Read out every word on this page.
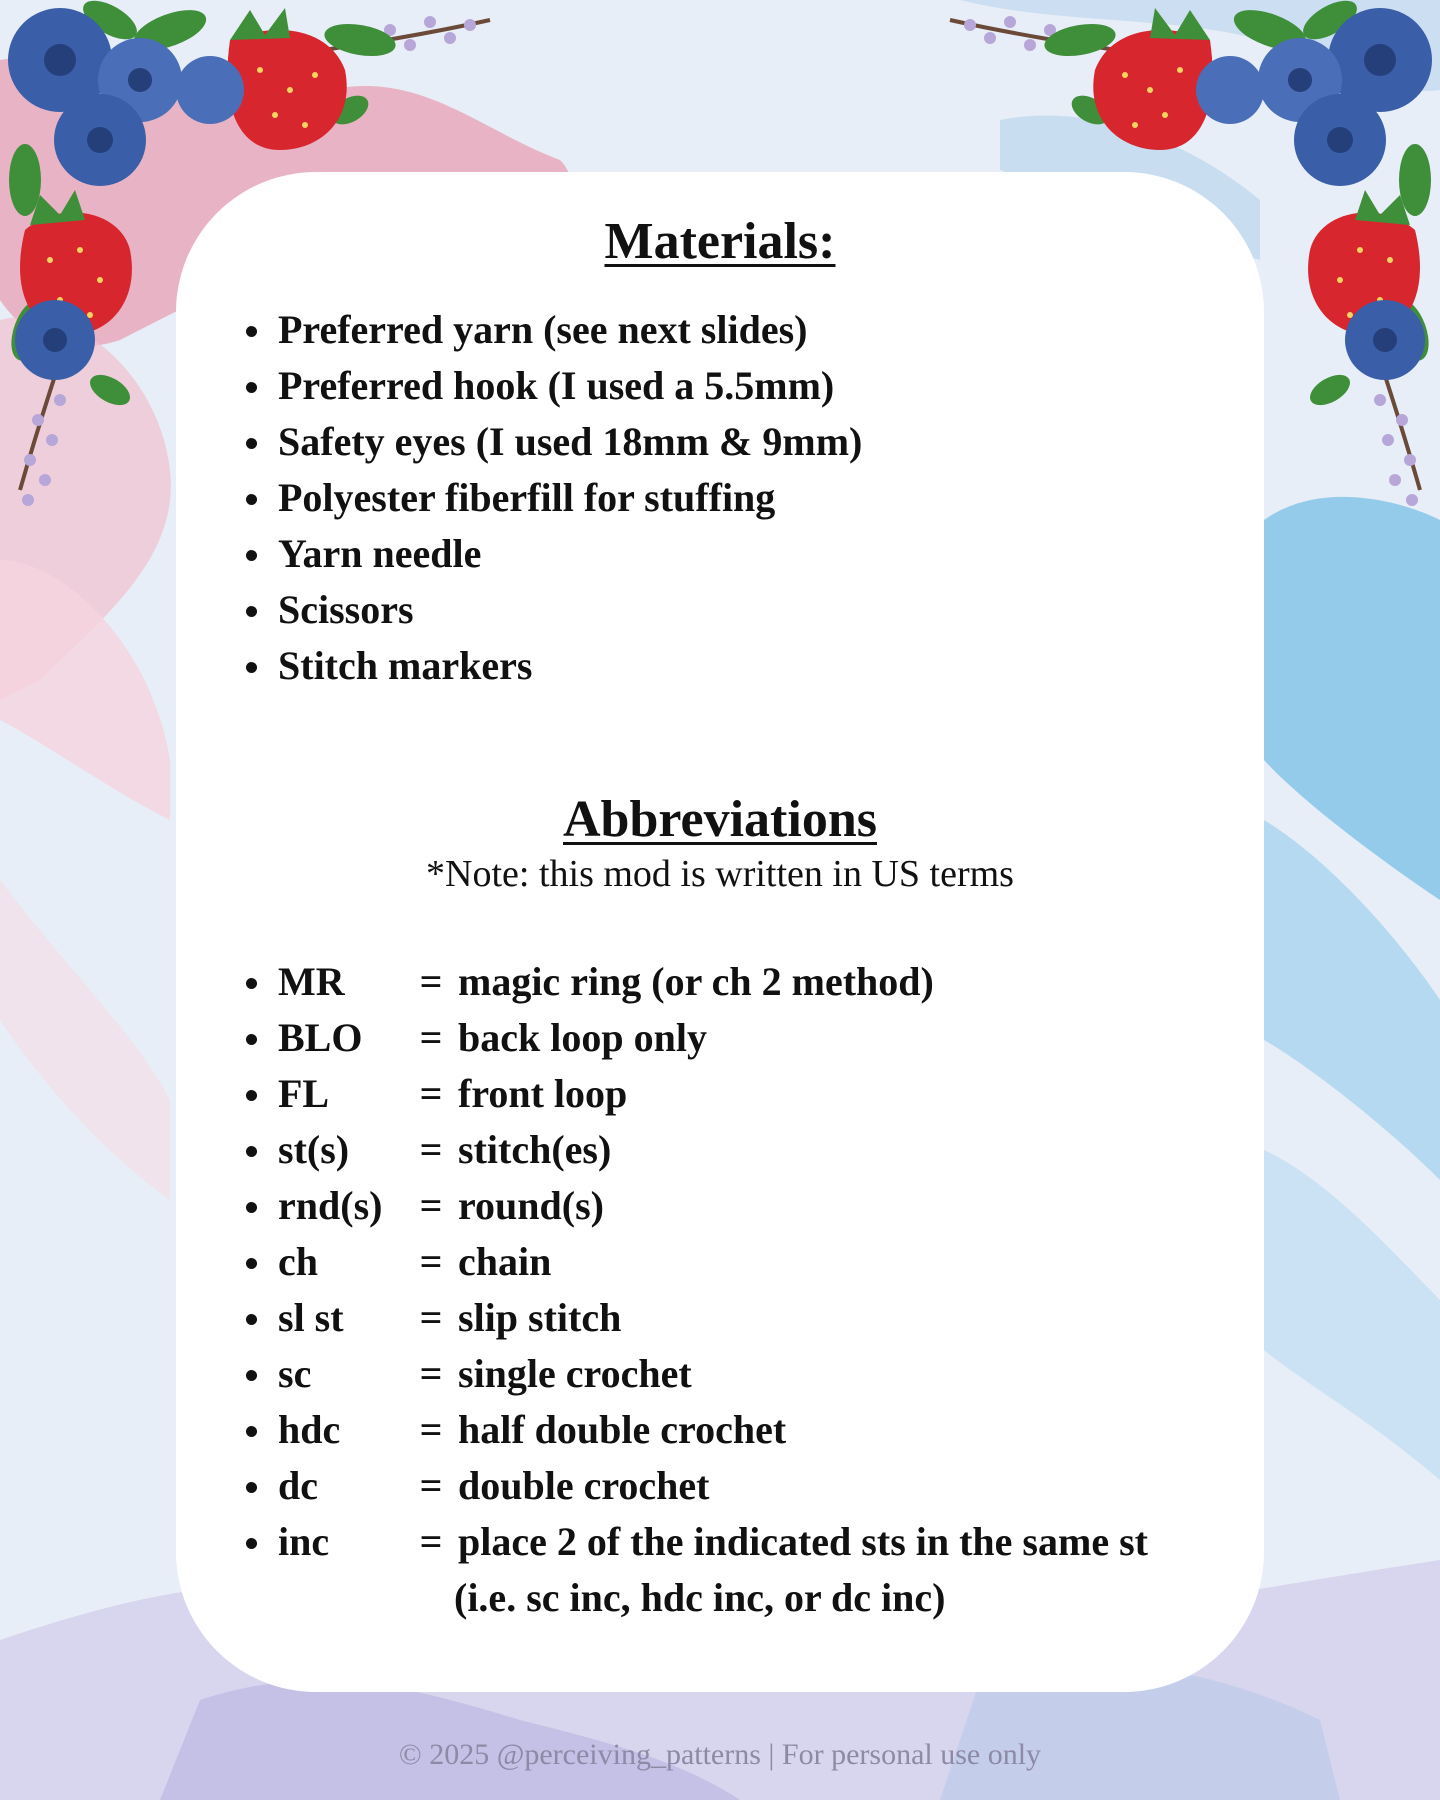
Materials:
Preferred yarn (see next slides)
Preferred hook (I used a 5.5mm)
Safety eyes (I used 18mm & 9mm)
Polyester fiberfill for stuffing
Yarn needle
Scissors
Stitch markers
Abbreviations

*Note: this mod is written in US terms

MR = magic ring (or ch 2 method)
BLO = back loop only
FL = front loop
st(s) = stitch(es)
rnd(s) = round(s)
ch	= chain
sl st = slip stitch
sc	= single crochet
hdc = half double crochet
dc	= double crochet
inc = place 2 of the indicated sts in the same st
(i.e. sc inc, hdc inc, or dc inc)
© 2025 @perceiving_patterns | For personal use only
